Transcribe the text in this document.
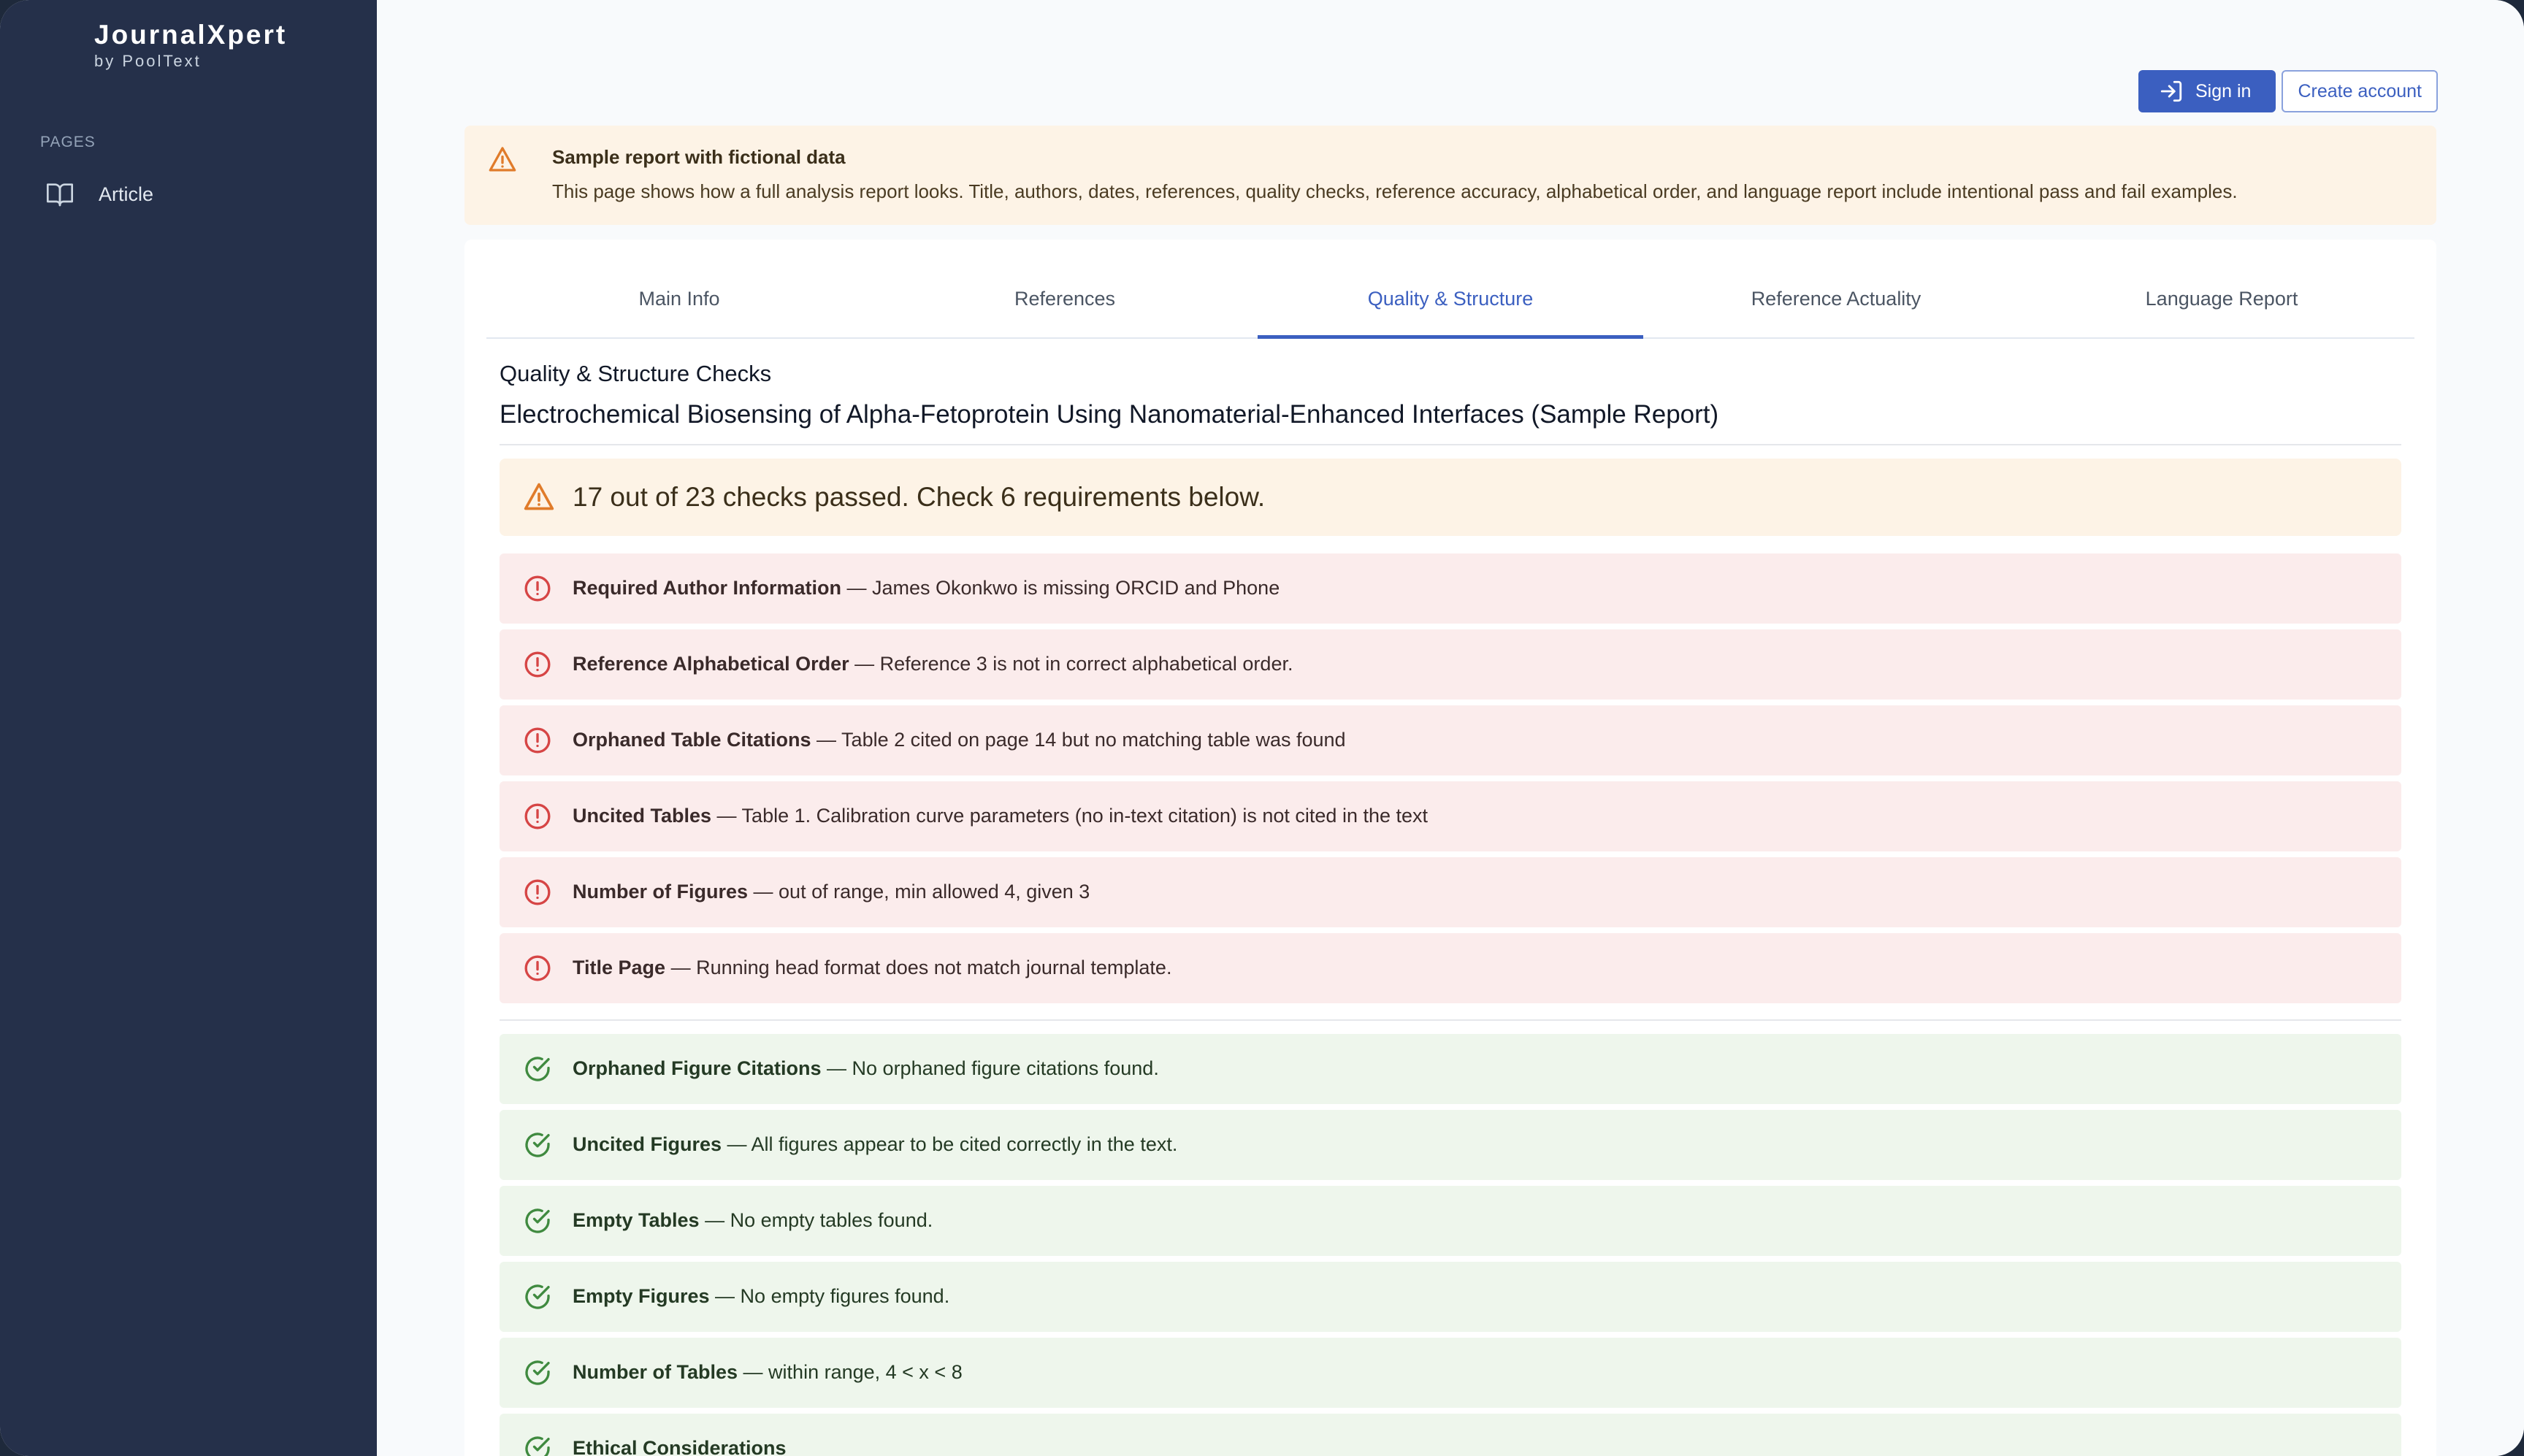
JournalXpert
by PoolText
PAGES
Article
Sign in	Create account
Sample report with fictional data
This page shows how a full analysis report looks. Title, authors, dates, references, quality checks, reference accuracy, alphabetical order, and language report include intentional pass and fail examples.
Main Info	References	Quality & Structure	Reference Actuality	Language Report
Quality & Structure Checks
Electrochemical Biosensing of Alpha-Fetoprotein Using Nanomaterial-Enhanced Interfaces (Sample Report)
17 out of 23 checks passed. Check 6 requirements below.
Required Author Information — James Okonkwo is missing ORCID and Phone
Reference Alphabetical Order — Reference 3 is not in correct alphabetical order.
Orphaned Table Citations — Table 2 cited on page 14 but no matching table was found
Uncited Tables — Table 1. Calibration curve parameters (no in-text citation) is not cited in the text
Number of Figures — out of range, min allowed 4, given 3
Title Page — Running head format does not match journal template.
Orphaned Figure Citations — No orphaned figure citations found.
Uncited Figures — All figures appear to be cited correctly in the text.
Empty Tables — No empty tables found.
Empty Figures — No empty figures found.
Number of Tables — within range, 4 < x < 8
Ethical Considerations
